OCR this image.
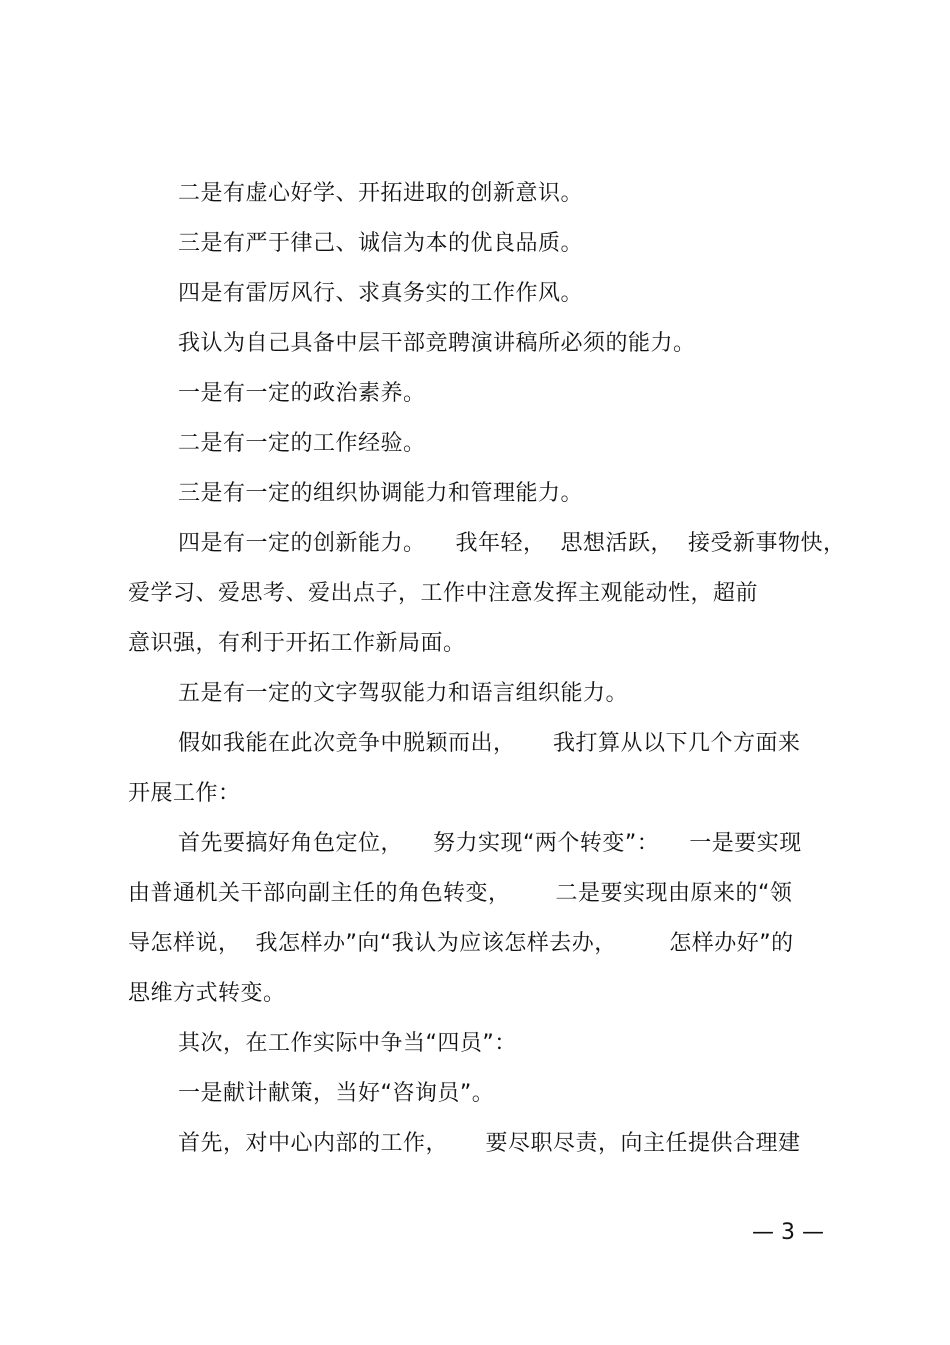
二是有虚心好学、开拓进取的创新意识。
三是有严于律己、诚信为本的优良品质。
四是有雷厉风行、求真务实的工作作风。
我认为自己具备中层干部竞聘演讲稿所必须的能力。
一是有一定的政治素养。
二是有一定的工作经验。
三是有一定的组织协调能力和管理能力。
四是有一定的创新能力。    我年轻，  思想活跃，  接受新事物快，
爱学习、爱思考、爱出点子，工作中注意发挥主观能动性，超前
意识强，有利于开拓工作新局面。
五是有一定的文字驾驭能力和语言组织能力。
假如我能在此次竞争中脱颖而出，     我打算从以下几个方面来
开展工作：
首先要搞好角色定位，    努力实现“两个转变”：    一是要实现
由普通机关干部向副主任的角色转变，      二是要实现由原来的“领
导怎样说，  我怎样办”向“我认为应该怎样去办，       怎样办好”的
思维方式转变。
其次，在工作实际中争当“四员”：
一是献计献策，当好“咨询员”。
首先，对中心内部的工作，     要尽职尽责，向主任提供合理建
— 3 —
